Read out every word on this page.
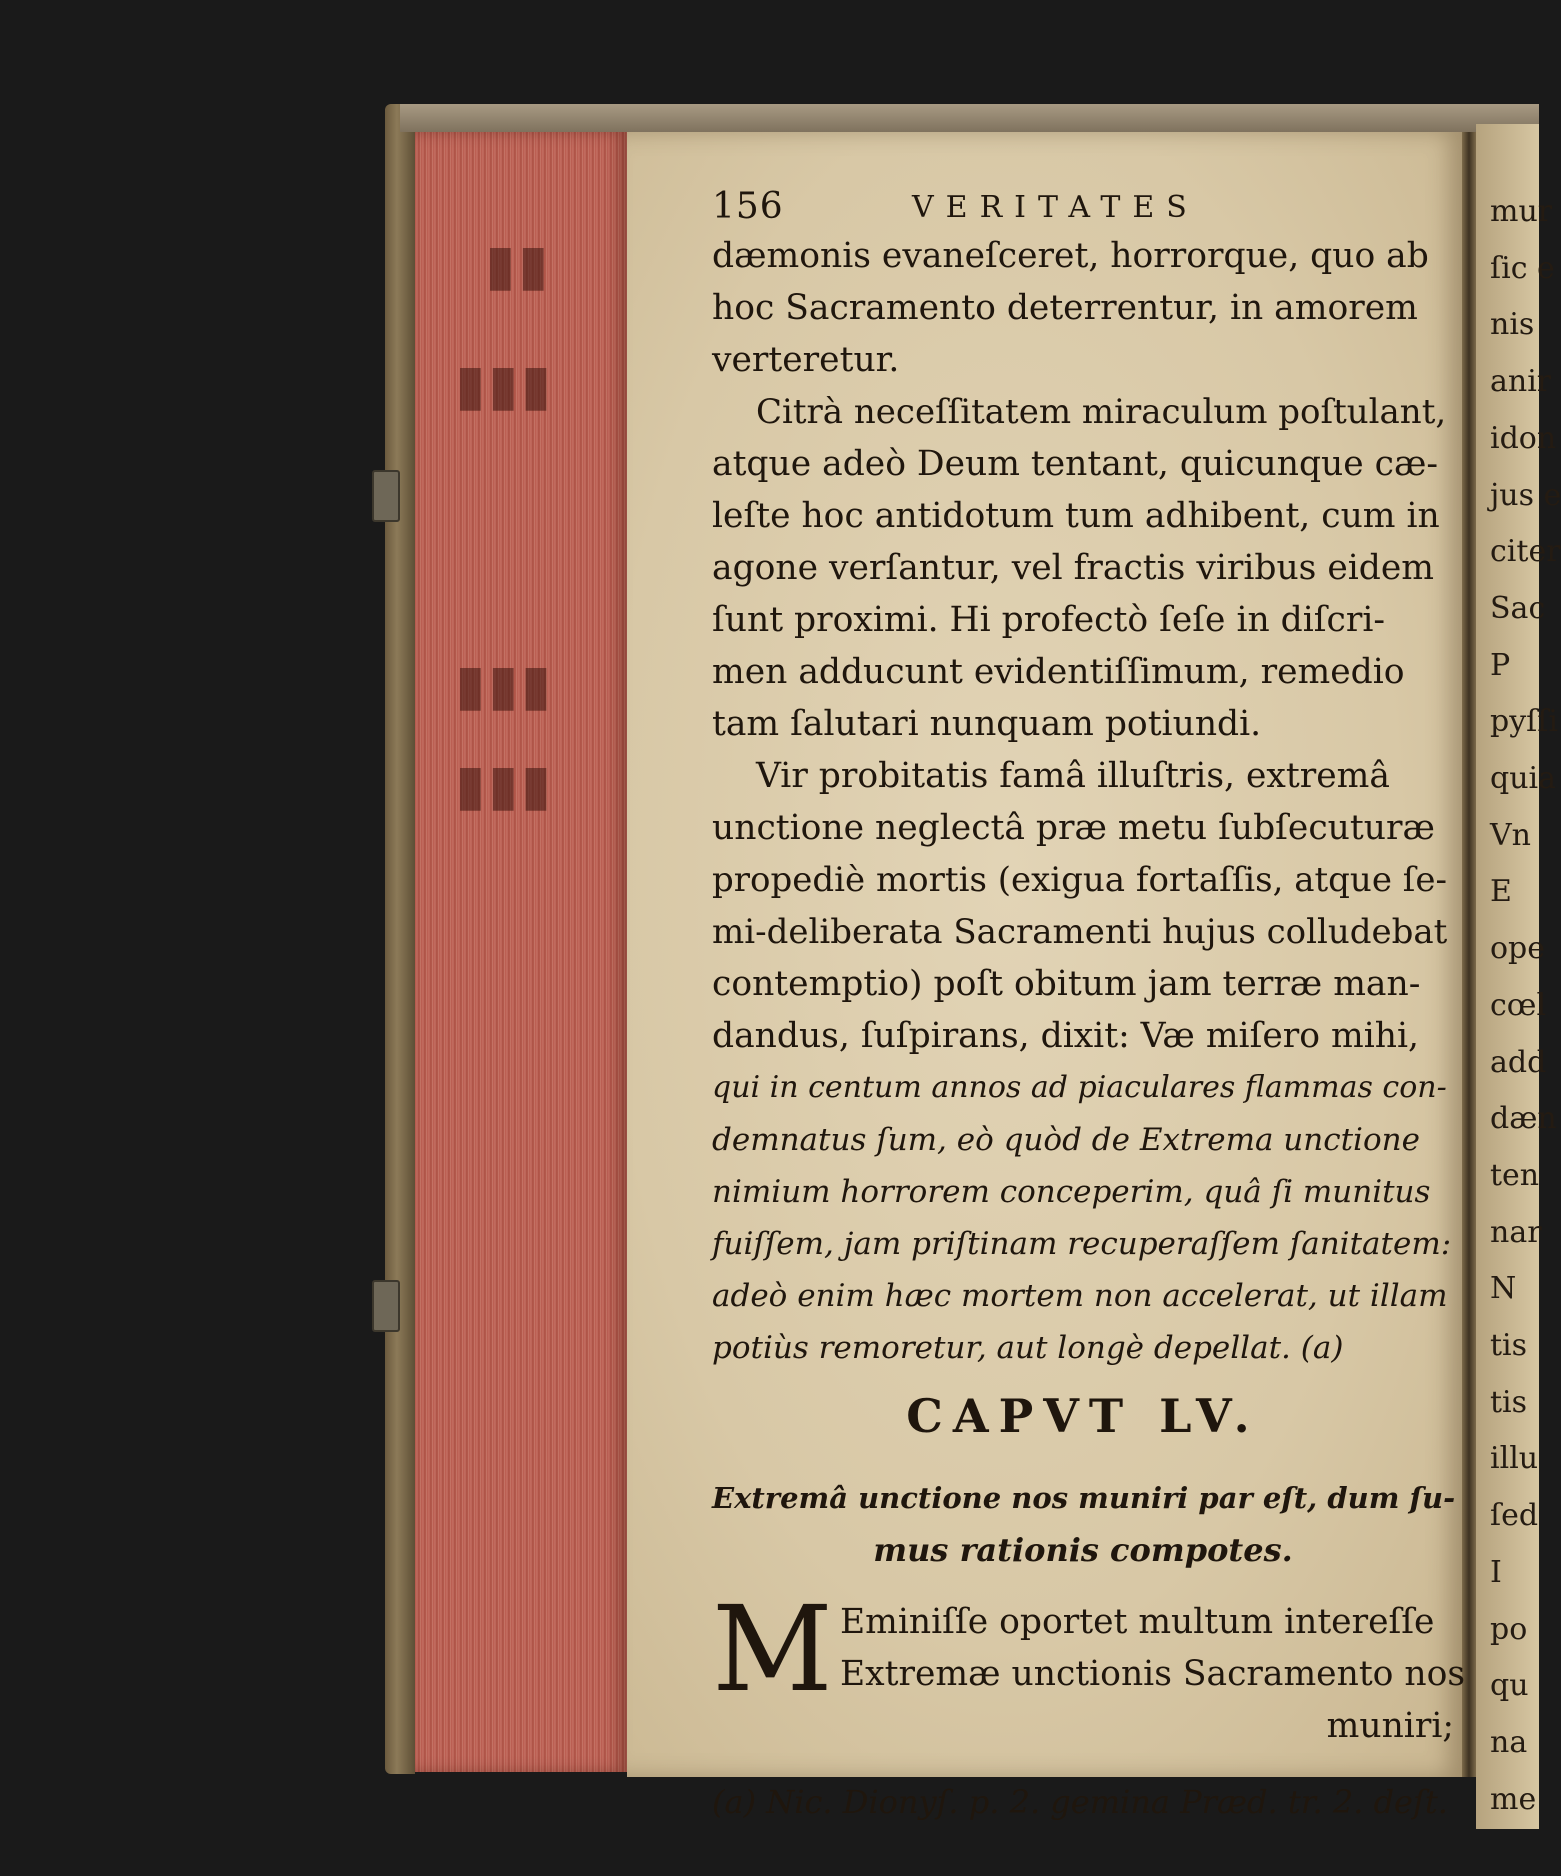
▮▮
▮▮▮
▮▮▮
▮▮▮
mur
ſic e
nis
anir
idon
jus e
citer
Sac
P
pyſſi
quia
Vn
E
ope
cœl
add
dæn
ten
nar
N
tis
tis
illu
ſed
I
po
qu
na
me
156	VERITATES
dæmonis evaneſceret, horrorque, quo ab
hoc Sacramento deterrentur, in amorem
verteretur.
Citrà neceſſitatem miraculum poſtulant,
atque adeò Deum tentant, quicunque cæ-
leſte hoc antidotum tum adhibent, cum in
agone verſantur, vel fractis viribus eidem
ſunt proximi. Hi profectò ſeſe in diſcri-
men adducunt evidentiſſimum, remedio
tam ſalutari nunquam potiundi.
Vir probitatis famâ illuſtris, extremâ
unctione neglectâ præ metu ſubſecuturæ
propediè mortis (exigua fortaſſis, atque ſe-
mi-deliberata Sacramenti hujus colludebat
contemptio) poſt obitum jam terræ man-
dandus, ſuſpirans, dixit: Væ miſero mihi,
qui in centum annos ad piaculares flammas con-
demnatus ſum, eò quòd de Extrema unctione
nimium horrorem conceperim, quâ ſi munitus
fuiſſem, jam priſtinam recuperaſſem ſanitatem:
adeò enim hæc mortem non accelerat, ut illam
potiùs remoretur, aut longè depellat. (a)
CAPVT LV.
Extremâ unctione nos muniri par eſt, dum ſu-
mus rationis compotes.
M Eminiſſe oportet multum intereſſe
Extremæ unctionis Sacramento nos
muniri;
(a) Nic. Dionyſ. p. 2. gemina Præd. tr. 2. deſt.
